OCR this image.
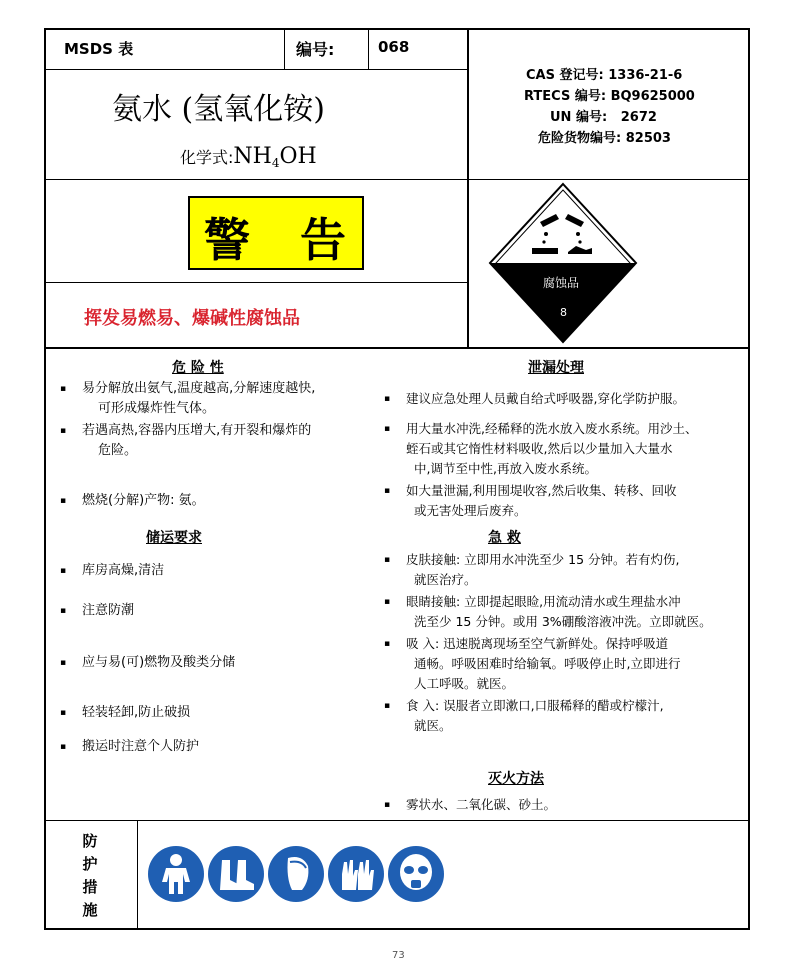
MSDS 表	编号:	068
氨水 (氢氧化铵)
化学式$:NH_4OH$
CAS 登记号: 1336-21-6
RTECS 编号: BQ9625000
UN 编号: 2672
危险货物编号: 82503
警 告
挥发易燃易、爆碱性腐蚀品
腐蚀品
8
危 险 性
▪ 易分解放出氨气,温度越高,分解速度越快,
可形成爆炸性气体。
▪ 若遇高热,容器内压增大,有开裂和爆炸的
危险。
▪ 燃烧(分解)产物: 氨。
储运要求
▪ 库房高燥,清洁
▪ 注意防潮
▪ 应与易(可)燃物及酸类分储
▪ 轻装轻卸,防止破损
▪ 搬运时注意个人防护
泄漏处理
▪ 建议应急处理人员戴自给式呼吸器,穿化学防护服。
▪ 用大量水冲洗,经稀释的洗水放入废水系统。用沙土、
蛭石或其它惰性材料吸收,然后以少量加入大量水
中,调节至中性,再放入废水系统。
▪ 如大量泄漏,利用围堤收容,然后收集、转移、回收
或无害处理后废弃。
急 救
▪ 皮肤接触: 立即用水冲洗至少 15 分钟。若有灼伤,
就医治疗。
▪ 眼睛接触: 立即提起眼睑,用流动清水或生理盐水冲
洗至少 15 分钟。或用 3%硼酸溶液冲洗。立即就医。
▪ 吸 入: 迅速脱离现场至空气新鲜处。保持呼吸道
通畅。呼吸困难时给输氧。呼吸停止时,立即进行
人工呼吸。就医。
▪ 食 入: 误服者立即漱口,口服稀释的醋或柠檬汁,
就医。
灭火方法
▪ 雾状水、二氧化碳、砂土。
防
护
措
施
73
